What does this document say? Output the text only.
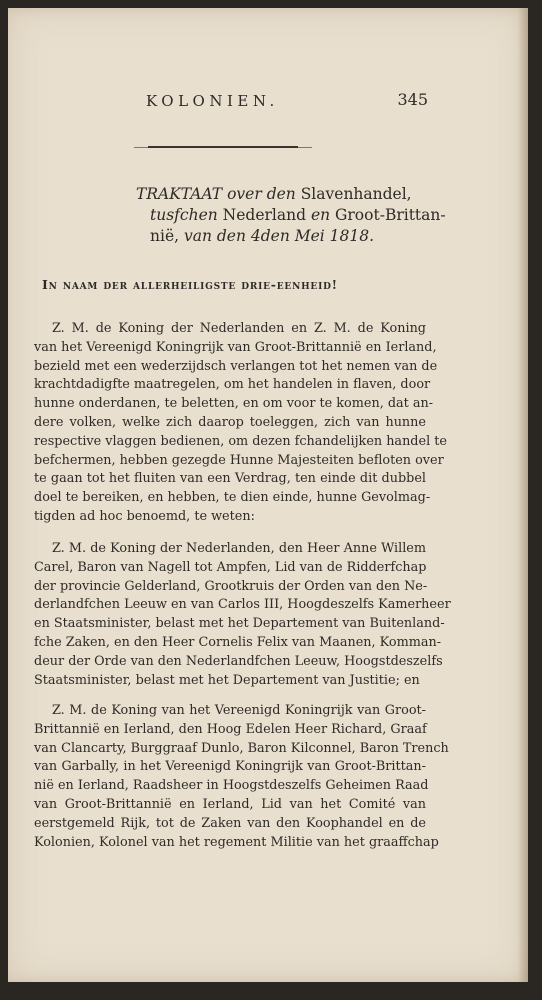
KOLONIEN.	345
TRAKTAAT over den Slavenhandel,
tusfchen Nederland en Groot-Brittan-
nië, van den 4den Mei 1818.
In naam der allerheiligste drie-eenheid!
Z. M. de Koning der Nederlanden en Z. M. de Koning
van het Vereenigd Koningrijk van Groot-Brittannië en Ierland,
bezield met een wederzijdsch verlangen tot het nemen van de
krachtdadigfte maatregelen, om het handelen in flaven, door
hunne onderdanen, te beletten, en om voor te komen, dat an-
dere volken, welke zich daarop toeleggen, zich van hunne
respective vlaggen bedienen, om dezen fchandelijken handel te
befchermen, hebben gezegde Hunne Majesteiten befloten over
te gaan tot het fluiten van een Verdrag, ten einde dit dubbel
doel te bereiken, en hebben, te dien einde, hunne Gevolmag-
tigden ad hoc benoemd, te weten:
Z. M. de Koning der Nederlanden, den Heer Anne Willem
Carel, Baron van Nagell tot Ampfen, Lid van de Ridderfchap
der provincie Gelderland, Grootkruis der Orden van den Ne-
derlandfchen Leeuw en van Carlos III, Hoogdeszelfs Kamerheer
en Staatsminister, belast met het Departement van Buitenland-
fche Zaken, en den Heer Cornelis Felix van Maanen, Komman-
deur der Orde van den Nederlandfchen Leeuw, Hoogstdeszelfs
Staatsminister, belast met het Departement van Justitie; en
Z. M. de Koning van het Vereenigd Koningrijk van Groot-
Brittannië en Ierland, den Hoog Edelen Heer Richard, Graaf
van Clancarty, Burggraaf Dunlo, Baron Kilconnel, Baron Trench
van Garbally, in het Vereenigd Koningrijk van Groot-Brittan-
nië en Ierland, Raadsheer in Hoogstdeszelfs Geheimen Raad
van Groot-Brittannië en Ierland, Lid van het Comité van
eerstgemeld Rijk, tot de Zaken van den Koophandel en de
Kolonien, Kolonel van het regement Militie van het graaffchap
